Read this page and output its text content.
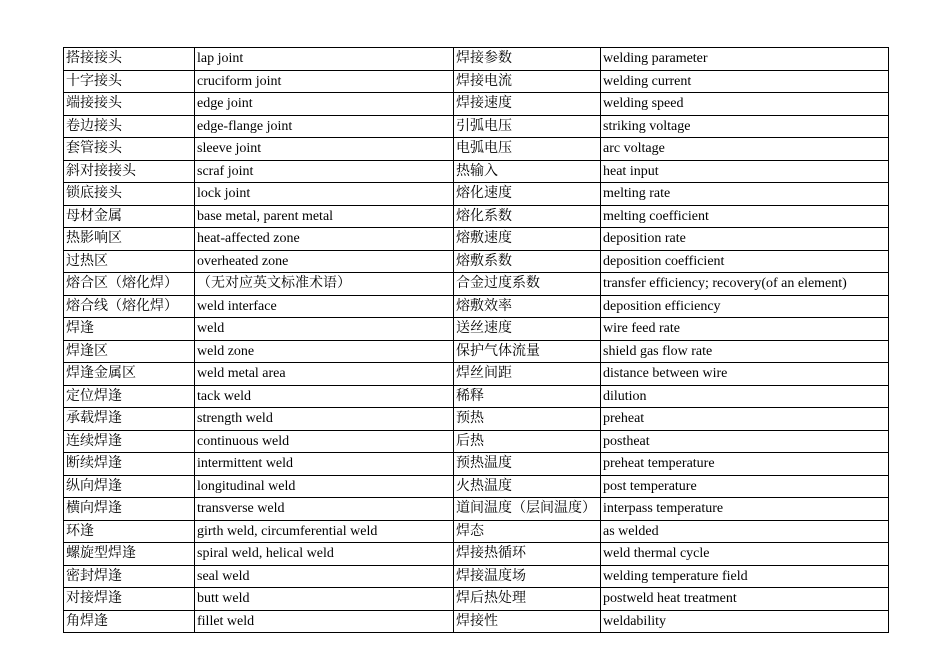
搭接接头	lap joint	焊接参数	welding parameter
十字接头	cruciform joint	焊接电流	welding current
端接接头	edge joint	焊接速度	welding speed
卷边接头	edge-flange joint	引弧电压	striking voltage
套管接头	sleeve joint	电弧电压	arc voltage
斜对接接头	scraf joint	热输入	heat input
锁底接头	lock joint	熔化速度	melting rate
母材金属	base metal, parent metal	熔化系数	melting coefficient
热影响区	heat-affected zone	熔敷速度	deposition rate
过热区	overheated zone	熔敷系数	deposition coefficient
熔合区（熔化焊）	（无对应英文标准术语）	合金过度系数	transfer efficiency; recovery(of an element)
熔合线（熔化焊）	weld interface	熔敷效率	deposition efficiency
焊逢	weld	送丝速度	wire feed rate
焊逢区	weld zone	保护气体流量	shield gas flow rate
焊逢金属区	weld metal area	焊丝间距	distance between wire
定位焊逢	tack weld	稀释	dilution
承载焊逢	strength weld	预热	preheat
连续焊逢	continuous weld	后热	postheat
断续焊逢	intermittent weld	预热温度	preheat temperature
纵向焊逢	longitudinal weld	火热温度	post temperature
横向焊逢	transverse weld	道间温度（层间温度）	interpass temperature
环逢	girth weld, circumferential weld	焊态	as welded
螺旋型焊逢	spiral weld, helical weld	焊接热循环	weld thermal cycle
密封焊逢	seal weld	焊接温度场	welding temperature field
对接焊逢	butt weld	焊后热处理	postweld heat treatment
角焊逢	fillet weld	焊接性	weldability
